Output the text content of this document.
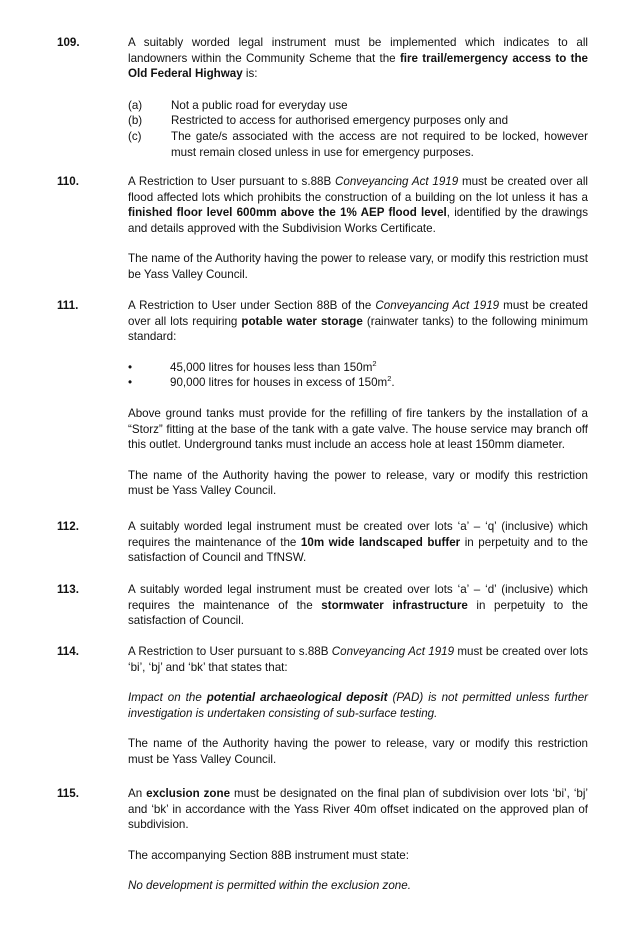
109.	A suitably worded legal instrument must be implemented which indicates to all landowners within the Community Scheme that the fire trail/emergency access to the Old Federal Highway is:

(a) Not a public road for everyday use
(b) Restricted to access for authorised emergency purposes only and
(c)	The gate/s associated with the access are not required to be locked, however must remain closed unless in use for emergency purposes.

110.	A Restriction to User pursuant to s.88B Conveyancing Act 1919 must be created over all flood affected lots which prohibits the construction of a building on the lot unless it has a finished floor level 600mm above the 1% AEP flood level, identified by the drawings and details approved with the Subdivision Works Certificate.

The name of the Authority having the power to release vary, or modify this restriction must be Yass Valley Council.

111.	A Restriction to User under Section 88B of the Conveyancing Act 1919 must be created over all lots requiring potable water storage (rainwater tanks) to the following minimum standard:

•	45,000 litres for houses less than $150m^2$
•	90,000 litres for houses in excess of $150m^2$.

Above ground tanks must provide for the refilling of fire tankers by the installation of a “Storz” fitting at the base of the tank with a gate valve. The house service may branch off this outlet. Underground tanks must include an access hole at least 150mm diameter.

The name of the Authority having the power to release, vary or modify this restriction must be Yass Valley Council.

112.	A suitably worded legal instrument must be created over lots ‘a’ – ‘q’ (inclusive) which requires the maintenance of the 10m wide landscaped buffer in perpetuity and to the satisfaction of Council and TfNSW.

113.	A suitably worded legal instrument must be created over lots ‘a’ – ‘d’ (inclusive) which requires the maintenance of the stormwater infrastructure in perpetuity to the satisfaction of Council.

114.	A Restriction to User pursuant to s.88B Conveyancing Act 1919 must be created over lots ‘bi’, ‘bj’ and ‘bk’ that states that:

Impact on the potential archaeological deposit (PAD) is not permitted unless further investigation is undertaken consisting of sub-surface testing.

The name of the Authority having the power to release, vary or modify this restriction must be Yass Valley Council.

115.	An exclusion zone must be designated on the final plan of subdivision over lots ‘bi’, ‘bj’ and ‘bk’ in accordance with the Yass River 40m offset indicated on the approved plan of subdivision.

The accompanying Section 88B instrument must state:

No development is permitted within the exclusion zone.
